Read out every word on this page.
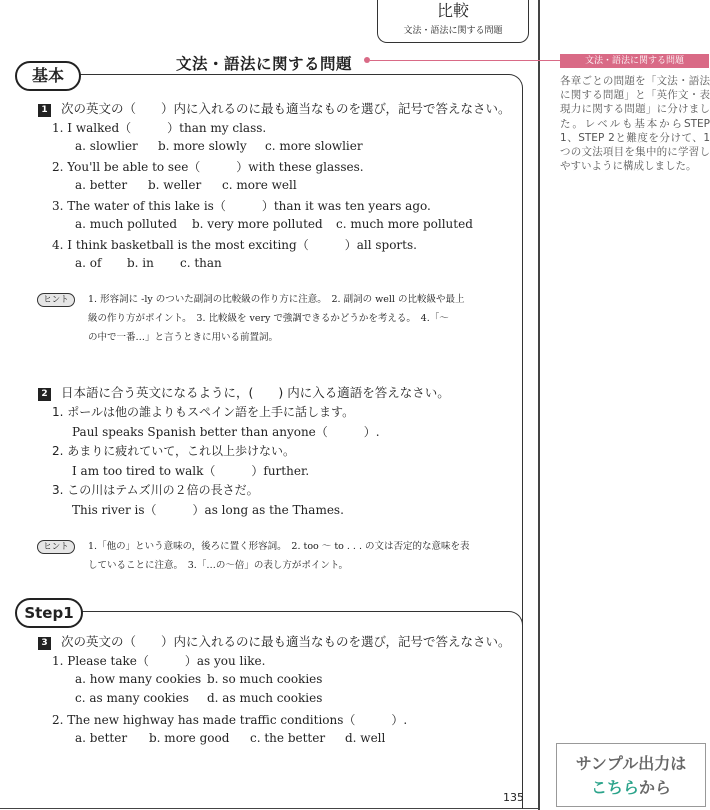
比較
文法・語法に関する問題
文法・語法に関する問題
基本
1 次の英文の（　　）内に入れるのに最も適当なものを選び，記号で答えなさい。
1. I walked（　　　）than my class.
a. slowlier b. more slowly c. more slowlier
2. You'll be able to see（　　　）with these glasses.
a. better b. weller c. more well
3. The water of this lake is（　　　）than it was ten years ago.
a. much polluted b. very more polluted c. much more polluted
4. I think basketball is the most exciting（　　　）all sports.
a. of b. in c. than
ヒント	1. 形容詞に -ly のついた副詞の比較級の作り方に注意。　2. 副詞の well の比較級や最上
級の作り方がポイント。　3. 比較級を very で強調できるかどうかを考える。　4.「～
の中で一番…」と言うときに用いる前置詞。
2 日本語に合う英文になるように，(　　) 内に入る適語を答えなさい。
1. ポールは他の誰よりもスペイン語を上手に話します。
Paul speaks Spanish better than anyone（　　　）.
2. あまりに疲れていて，これ以上歩けない。
I am too tired to walk（　　　）further.
3. この川はテムズ川の２倍の長さだ。
This river is（　　　）as long as the Thames.
ヒント	1.「他の」という意味の，後ろに置く形容詞。　2. too ～ to . . . の文は否定的な意味を表
していることに注意。　3.「…の～倍」の表し方がポイント。
Step1
3 次の英文の（　　）内に入れるのに最も適当なものを選び，記号で答えなさい。
1. Please take（　　　）as you like.
a. how many cookies b. so much cookies
c. as many cookies d. as much cookies
2. The new highway has made traffic conditions（　　　）.
a. better b. more good c. the better d. well
135
文法・語法に関する問題
各章ごとの問題を「文法・語法に関する問題」と「英作文・表現力に関する問題」に分けました。レベルも基本からSTEP 1、STEP 2と難度を分けて、1つの文法項目を集中的に学習しやすいように構成しました。
サンプル出力は
こちらから
